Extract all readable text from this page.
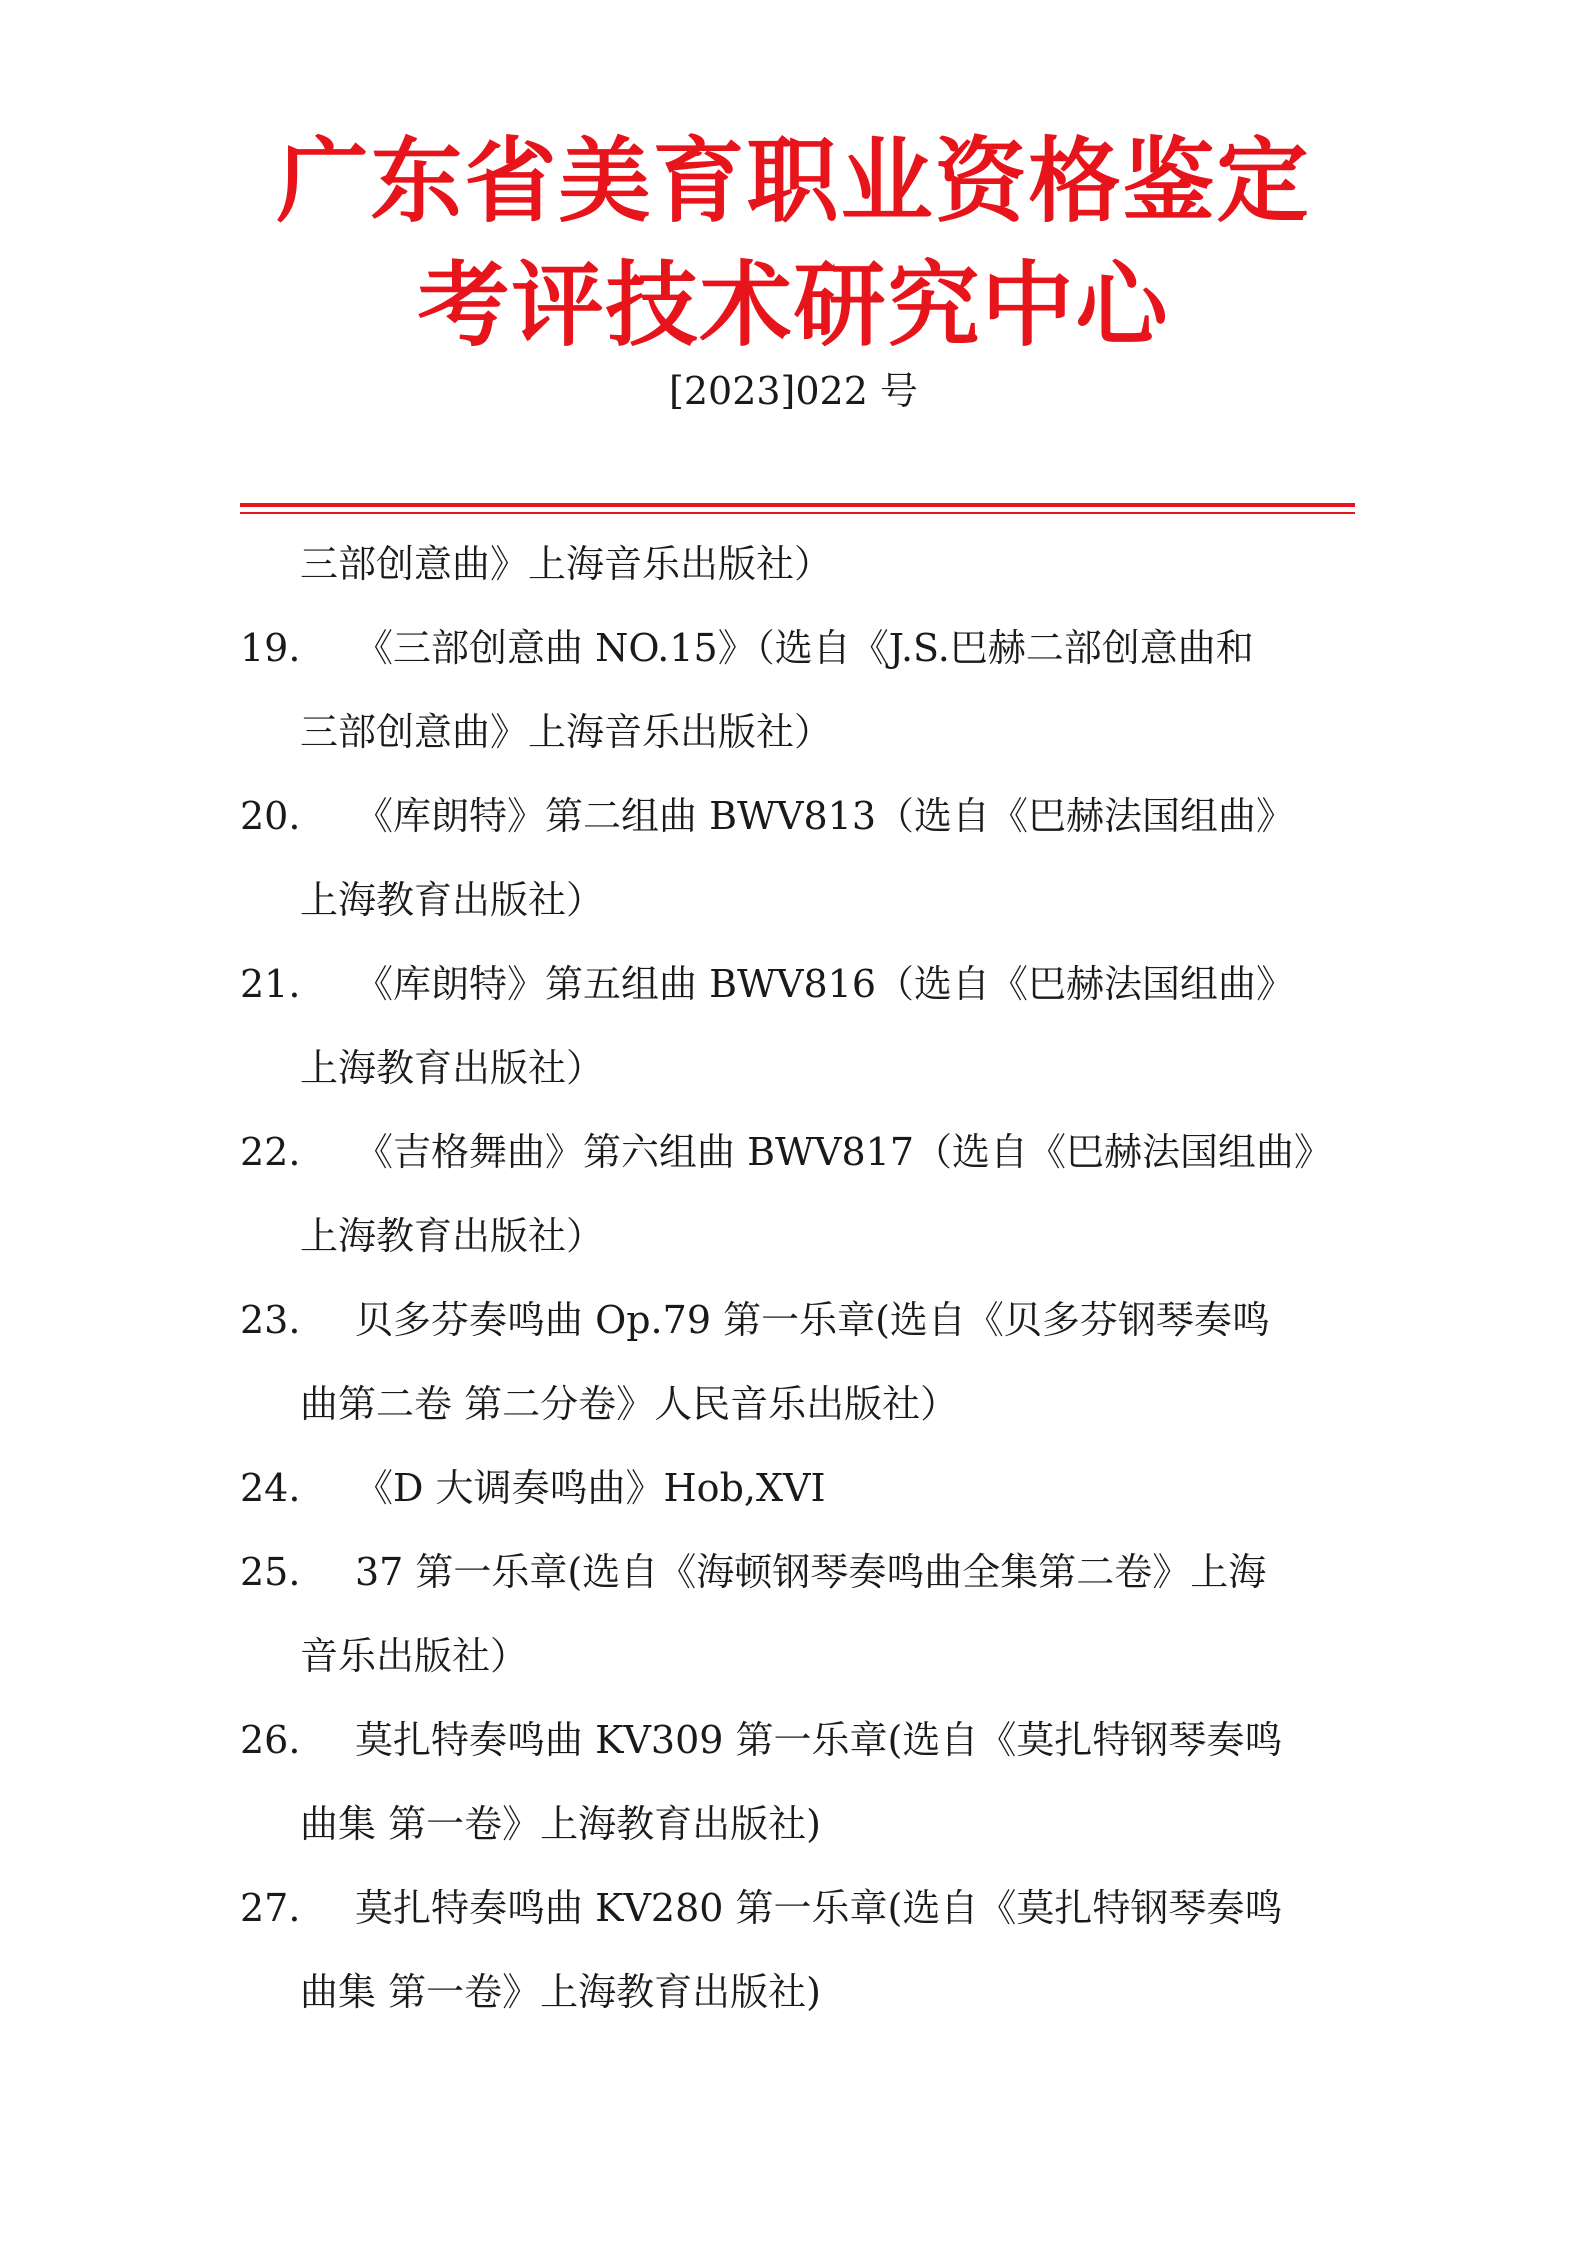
广东省美育职业资格鉴定
考评技术研究中心
[2023]022 号
三部创意曲》上海音乐出版社）
19. 《三部创意曲 NO.15》（选自《J.S.巴赫二部创意曲和
三部创意曲》上海音乐出版社）
20. 《库朗特》第二组曲 BWV813（选自《巴赫法国组曲》
上海教育出版社）
21. 《库朗特》第五组曲 BWV816（选自《巴赫法国组曲》
上海教育出版社）
22. 《吉格舞曲》第六组曲 BWV817（选自《巴赫法国组曲》
上海教育出版社）
23. 贝多芬奏鸣曲 Op.79 第一乐章(选自《贝多芬钢琴奏鸣
曲第二卷 第二分卷》人民音乐出版社）
24. 《D 大调奏鸣曲》Hob,XVI
25. 37 第一乐章(选自《海顿钢琴奏鸣曲全集第二卷》上海
音乐出版社）
26. 莫扎特奏鸣曲 KV309 第一乐章(选自《莫扎特钢琴奏鸣
曲集 第一卷》上海教育出版社)
27. 莫扎特奏鸣曲 KV280 第一乐章(选自《莫扎特钢琴奏鸣
曲集 第一卷》上海教育出版社)
